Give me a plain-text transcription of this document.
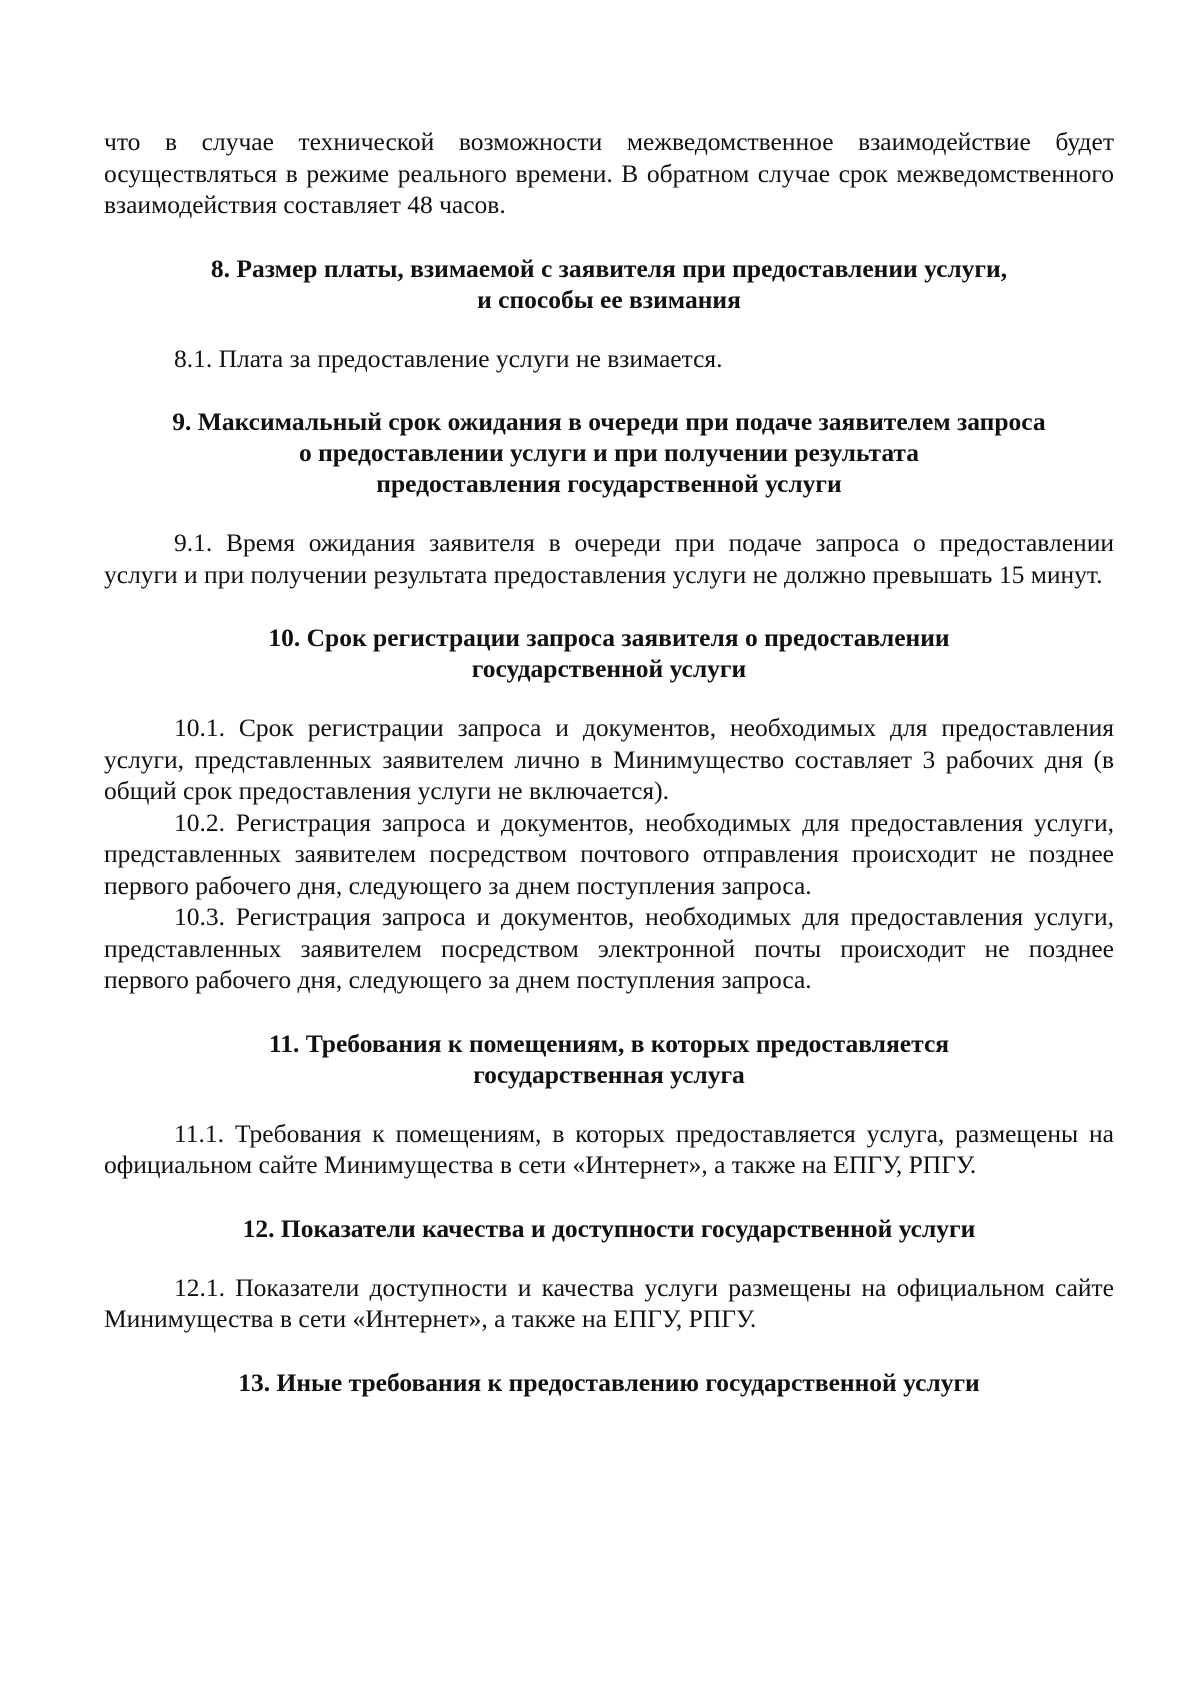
что в случае технической возможности межведомственное взаимодействие будет осуществляться в режиме реального времени. В обратном случае срок межведомственного взаимодействия составляет 48 часов.

8. Размер платы, взимаемой с заявителя при предоставлении услуги,
и способы ее взимания

8.1. Плата за предоставление услуги не взимается.

9. Максимальный срок ожидания в очереди при подаче заявителем запроса
о предоставлении услуги и при получении результата
предоставления государственной услуги

9.1. Время ожидания заявителя в очереди при подаче запроса о предоставлении услуги и при получении результата предоставления услуги не должно превышать 15 минут.

10. Срок регистрации запроса заявителя о предоставлении
государственной услуги

10.1. Срок регистрации запроса и документов, необходимых для предоставления услуги, представленных заявителем лично в Минимущество составляет 3 рабочих дня (в общий срок предоставления услуги не включается).

10.2. Регистрация запроса и документов, необходимых для предоставления услуги, представленных заявителем посредством почтового отправления происходит не позднее первого рабочего дня, следующего за днем поступления запроса.

10.3. Регистрация запроса и документов, необходимых для предоставления услуги, представленных заявителем посредством электронной почты происходит не позднее первого рабочего дня, следующего за днем поступления запроса.

11. Требования к помещениям, в которых предоставляется
государственная услуга

11.1. Требования к помещениям, в которых предоставляется услуга, размещены на официальном сайте Минимущества в сети «Интернет», а также на ЕПГУ, РПГУ.

12. Показатели качества и доступности государственной услуги

12.1. Показатели доступности и качества услуги размещены на официальном сайте Минимущества в сети «Интернет», а также на ЕПГУ, РПГУ.

13. Иные требования к предоставлению государственной услуги
